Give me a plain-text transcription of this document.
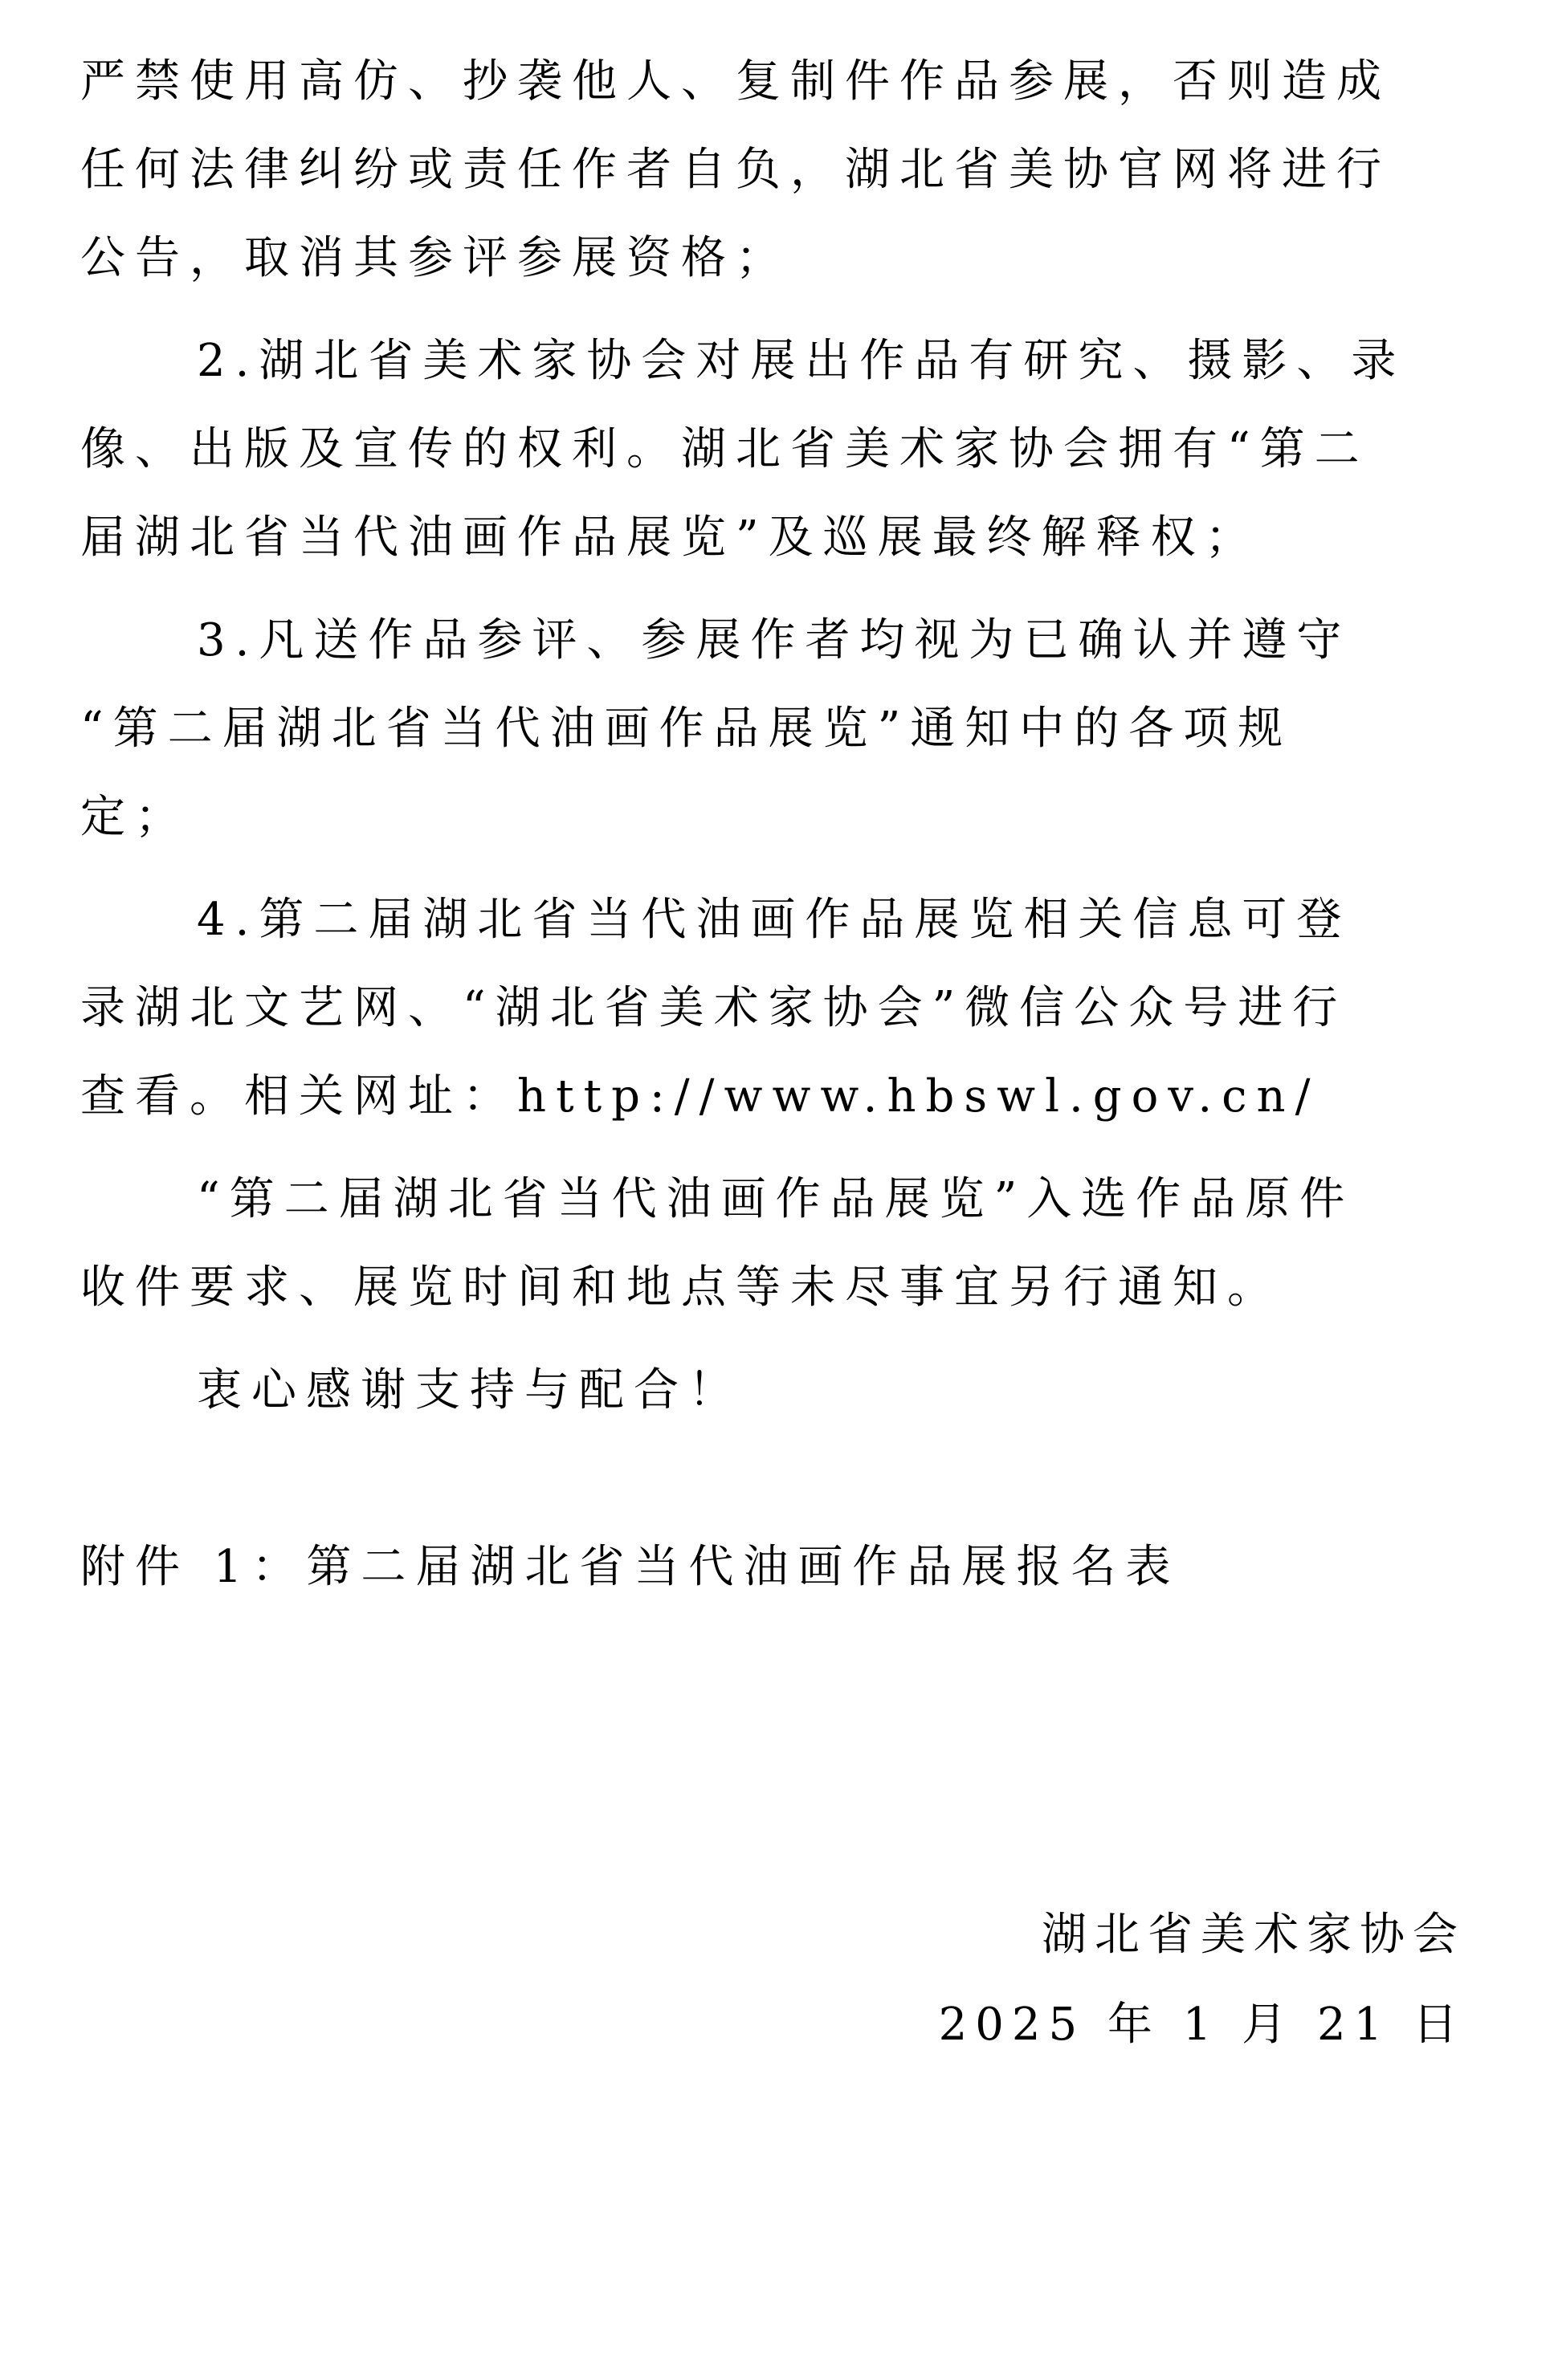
严禁使用高仿、抄袭他人、复制件作品参展，否则造成
任何法律纠纷或责任作者自负，湖北省美协官网将进行
公告，取消其参评参展资格；
2.湖北省美术家协会对展出作品有研究、摄影、录
像、出版及宣传的权利。湖北省美术家协会拥有“第二
届湖北省当代油画作品展览”及巡展最终解释权；
3.凡送作品参评、参展作者均视为已确认并遵守
“第二届湖北省当代油画作品展览”通知中的各项规
定；
4.第二届湖北省当代油画作品展览相关信息可登
录湖北文艺网、“湖北省美术家协会”微信公众号进行
查看。相关网址：http://www.hbswl.gov.cn/
“第二届湖北省当代油画作品展览”入选作品原件
收件要求、展览时间和地点等未尽事宜另行通知。
衷心感谢支持与配合！
附件 1：第二届湖北省当代油画作品展报名表
湖北省美术家协会
2025 年 1 月 21 日
